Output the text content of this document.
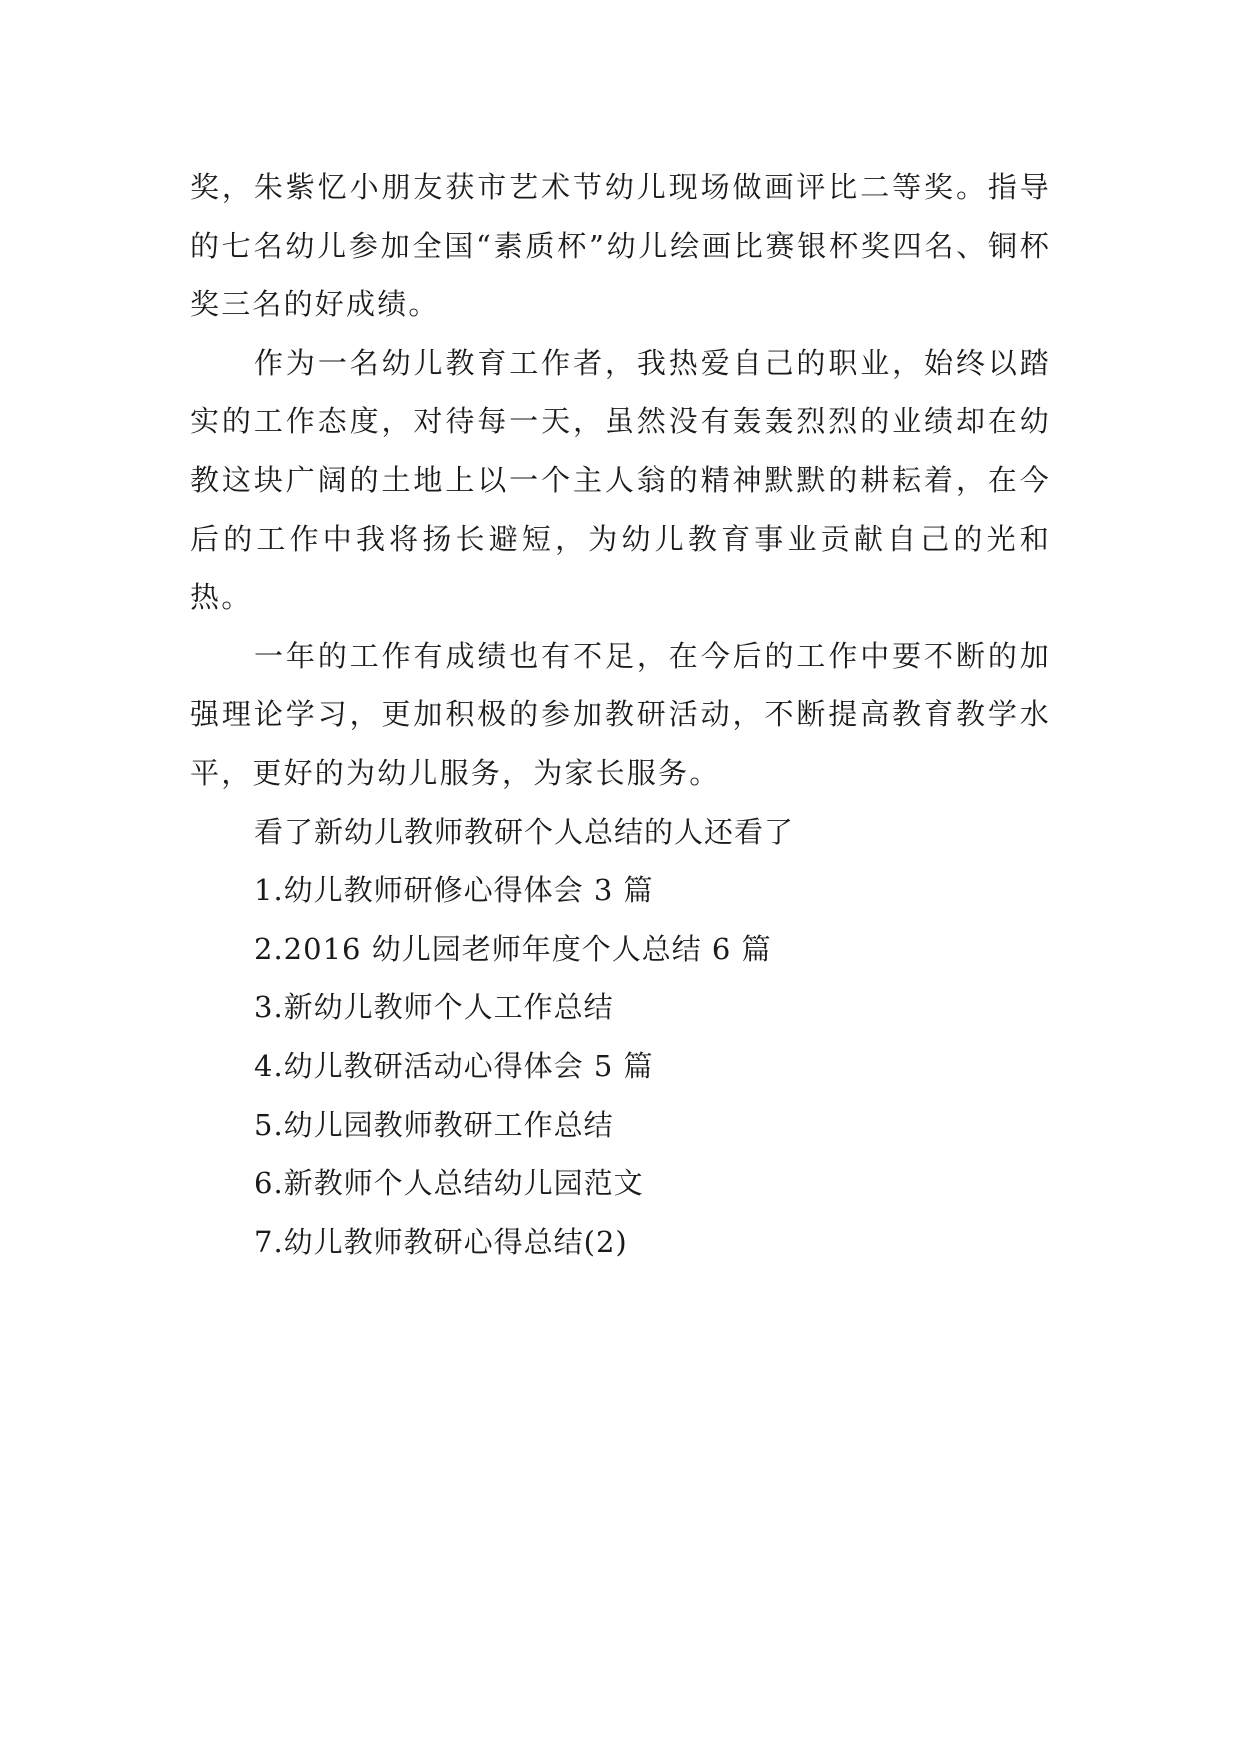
奖，朱紫忆小朋友获市艺术节幼儿现场做画评比二等奖。指导的七名幼儿参加全国“素质杯”幼儿绘画比赛银杯奖四名、铜杯奖三名的好成绩。

作为一名幼儿教育工作者，我热爱自己的职业，始终以踏实的工作态度，对待每一天，虽然没有轰轰烈烈的业绩却在幼教这块广阔的土地上以一个主人翁的精神默默的耕耘着，在今后的工作中我将扬长避短，为幼儿教育事业贡献自己的光和热。

一年的工作有成绩也有不足，在今后的工作中要不断的加强理论学习，更加积极的参加教研活动，不断提高教育教学水平，更好的为幼儿服务，为家长服务。

看了新幼儿教师教研个人总结的人还看了

1.幼儿教师研修心得体会 3 篇
2.2016 幼儿园老师年度个人总结 6 篇
3.新幼儿教师个人工作总结
4.幼儿教研活动心得体会 5 篇
5.幼儿园教师教研工作总结
6.新教师个人总结幼儿园范文
7.幼儿教师教研心得总结(2)
